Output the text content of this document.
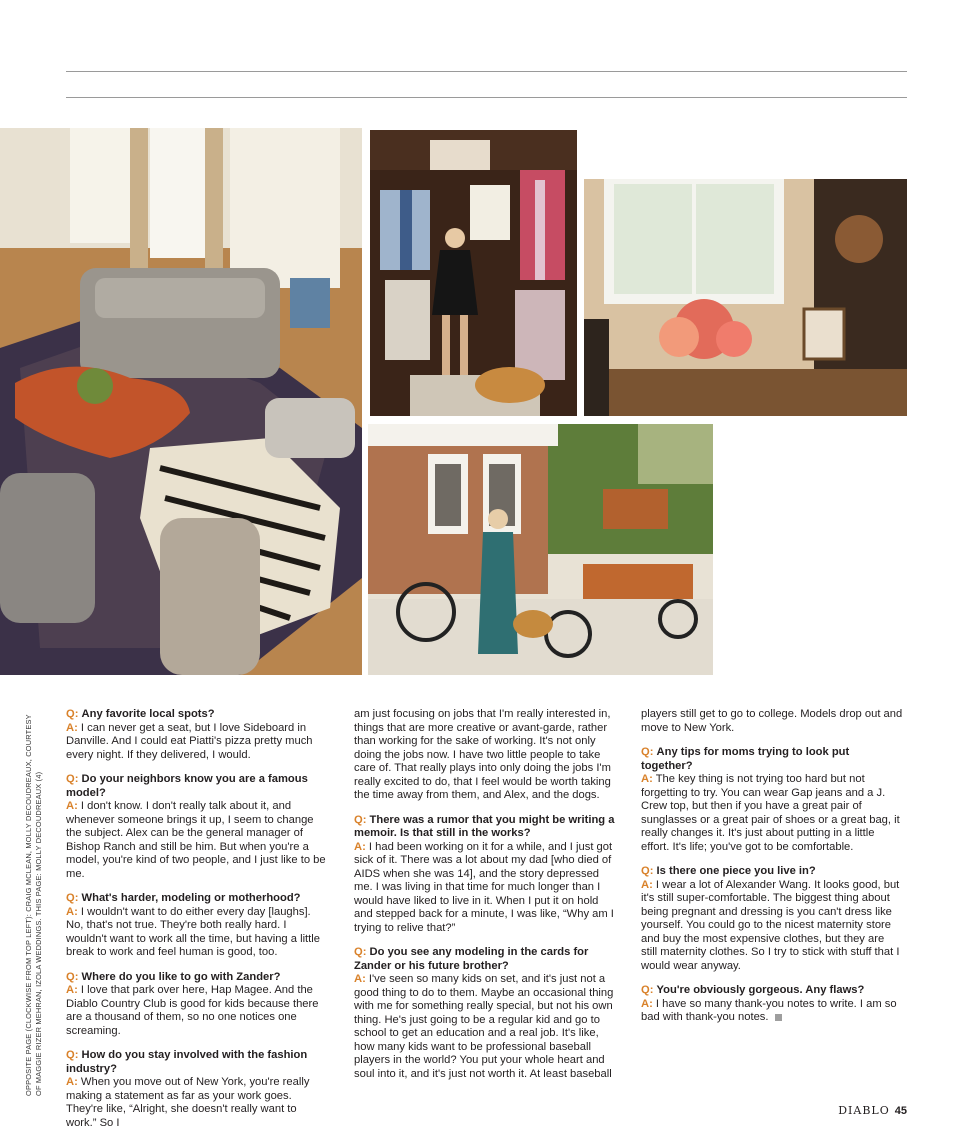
OPPOSITE PAGE (CLOCKWISE FROM TOP LEFT): CRAIG MCLEAN, MOLLY DECOUDREAUX, COURTESY OF MAGGIE RIZER MEHRAN, IZOLA WEDDINGS. THIS PAGE: MOLLY DECOUDREAUX (4)

Q: Any favorite local spots?
A: I can never get a seat, but I love Sideboard in Danville. And I could eat Piatti's pizza pretty much every night. If they delivered, I would.

Q: Do your neighbors know you are a famous model?
A: I don't know. I don't really talk about it, and whenever someone brings it up, I seem to change the subject. Alex can be the general manager of Bishop Ranch and still be him. But when you're a model, you're kind of two people, and I just like to be me.

Q: What's harder, modeling or motherhood?
A: I wouldn't want to do either every day [laughs]. No, that's not true. They're both really hard. I wouldn't want to work all the time, but having a little break to work and feel human is good, too.

Q: Where do you like to go with Zander?
A: I love that park over here, Hap Magee. And the Diablo Country Club is good for kids because there are a thousand of them, so no one notices one screaming.

Q: How do you stay involved with the fashion industry?
A: When you move out of New York, you're really making a statement as far as your work goes. They're like, “Alright, she doesn't really want to work.” So I

am just focusing on jobs that I'm really interested in, things that are more creative or avant-garde, rather than working for the sake of working. It's not only doing the jobs now. I have two little people to take care of. That really plays into only doing the jobs I'm really excited to do, that I feel would be worth taking the time away from them, and Alex, and the dogs.

Q: There was a rumor that you might be writing a memoir. Is that still in the works?
A: I had been working on it for a while, and I just got sick of it. There was a lot about my dad [who died of AIDS when she was 14], and the story depressed me. I was living in that time for much longer than I would have liked to live in it. When I put it on hold and stepped back for a minute, I was like, “Why am I trying to relive that?”

Q: Do you see any modeling in the cards for Zander or his future brother?
A: I've seen so many kids on set, and it's just not a good thing to do to them. Maybe an occasional thing with me for something really special, but not his own thing. He's just going to be a regular kid and go to school to get an education and a real job. It's like, how many kids want to be professional baseball players in the world? You put your whole heart and soul into it, and it's just not worth it. At least baseball

players still get to go to college. Models drop out and move to New York.

Q: Any tips for moms trying to look put together?
A: The key thing is not trying too hard but not forgetting to try. You can wear Gap jeans and a J. Crew top, but then if you have a great pair of sunglasses or a great pair of shoes or a great bag, it really changes it. It's just about putting in a little effort. It's life; you've got to be comfortable.

Q: Is there one piece you live in?
A: I wear a lot of Alexander Wang. It looks good, but it's still super-comfortable. The biggest thing about being pregnant and dressing is you can't dress like yourself. You could go to the nicest maternity store and buy the most expensive clothes, but they are still maternity clothes. So I try to stick with stuff that I would wear anyway.

Q: You're obviously gorgeous. Any flaws?
A: I have so many thank-you notes to write. I am so bad with thank-you notes.

DIABLO 45
